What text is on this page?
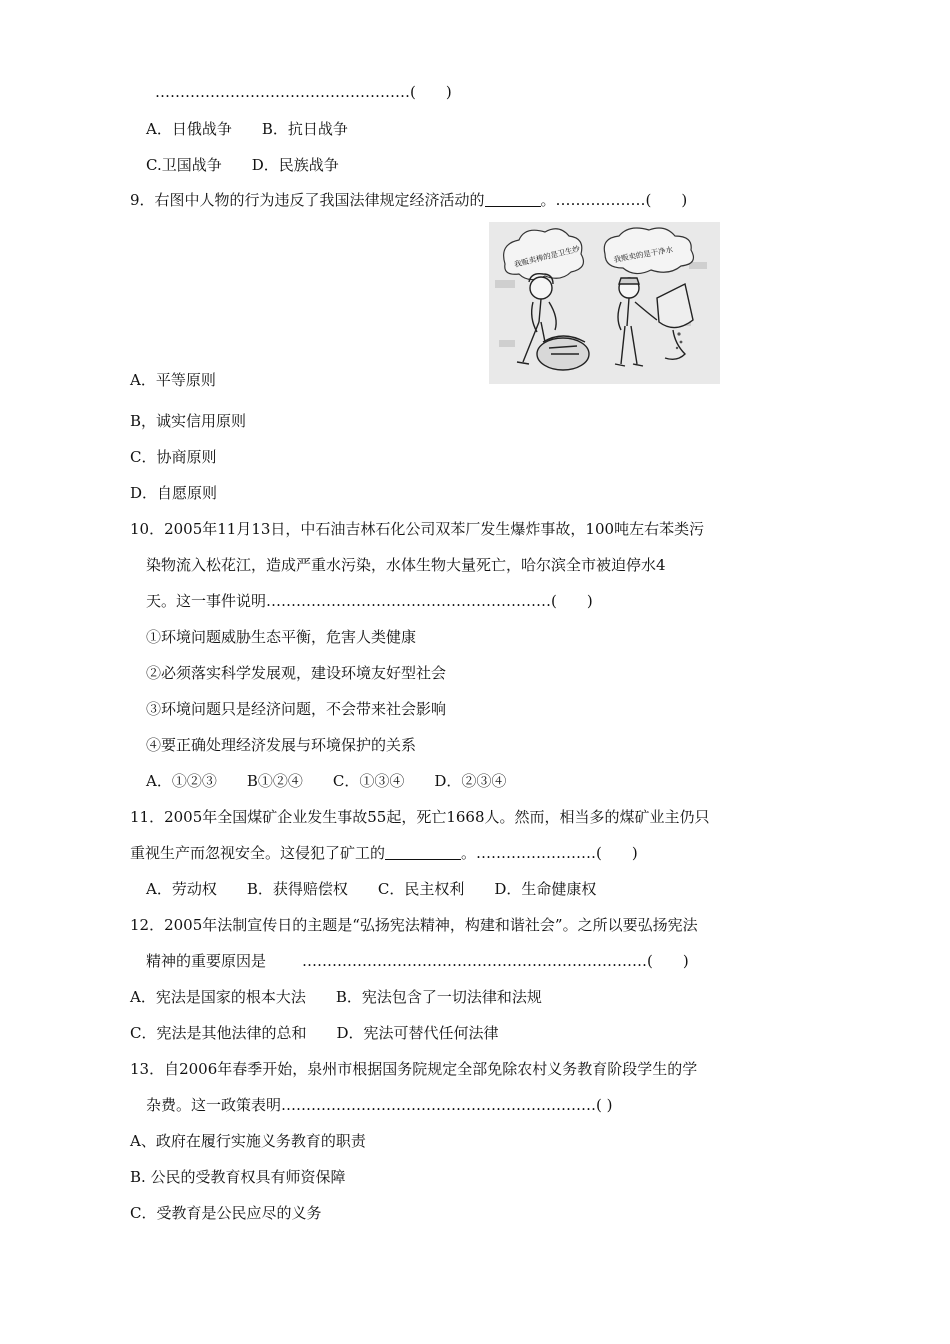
……………………………………………(　　)
A．日俄战争　　B．抗日战争
C.卫国战争　　D．民族战争
9．右图中人物的行为违反了我国法律规定经济活动的	。………………(　　)
我贩卖棒的是卫生纱	我贩卖的是干净水
A．平等原则
B，诚实信用原则
C．协商原则
D．自愿原则
10．2005年11月13日，中石油吉林石化公司双苯厂发生爆炸事故，100吨左右苯类污
染物流入松花江，造成严重水污染，水体生物大量死亡，哈尔滨全市被迫停水4
天。这一事件说明…………………………………………………(　　)
①环境问题威胁生态平衡，危害人类健康
②必须落实科学发展观，建设环境友好型社会
③环境问题只是经济问题，不会带来社会影响
④要正确处理经济发展与环境保护的关系
A．①②③　　B①②④　　C．①③④　　D．②③④
11．2005年全国煤矿企业发生事故55起，死亡1668人。然而，相当多的煤矿业主仍只
重视生产而忽视安全。这侵犯了矿工的	。……………………(　　)
A．劳动权　　B．获得赔偿权　　C．民主权利　　D．生命健康权
12．2005年法制宣传日的主题是“弘扬宪法精神，构建和谐社会”。之所以要弘扬宪法
精神的重要原因是 ……………………………………………………………(　　)
A．宪法是国家的根本大法　　B．宪法包含了一切法律和法规
C．宪法是其他法律的总和　　D．宪法可替代任何法律
13．自2006年春季开始，泉州市根据国务院规定全部免除农村义务教育阶段学生的学
杂费。这一政策表明………………………………………………………( )
A、政府在履行实施义务教育的职责
B. 公民的受教育权具有师资保障
C．受教育是公民应尽的义务
